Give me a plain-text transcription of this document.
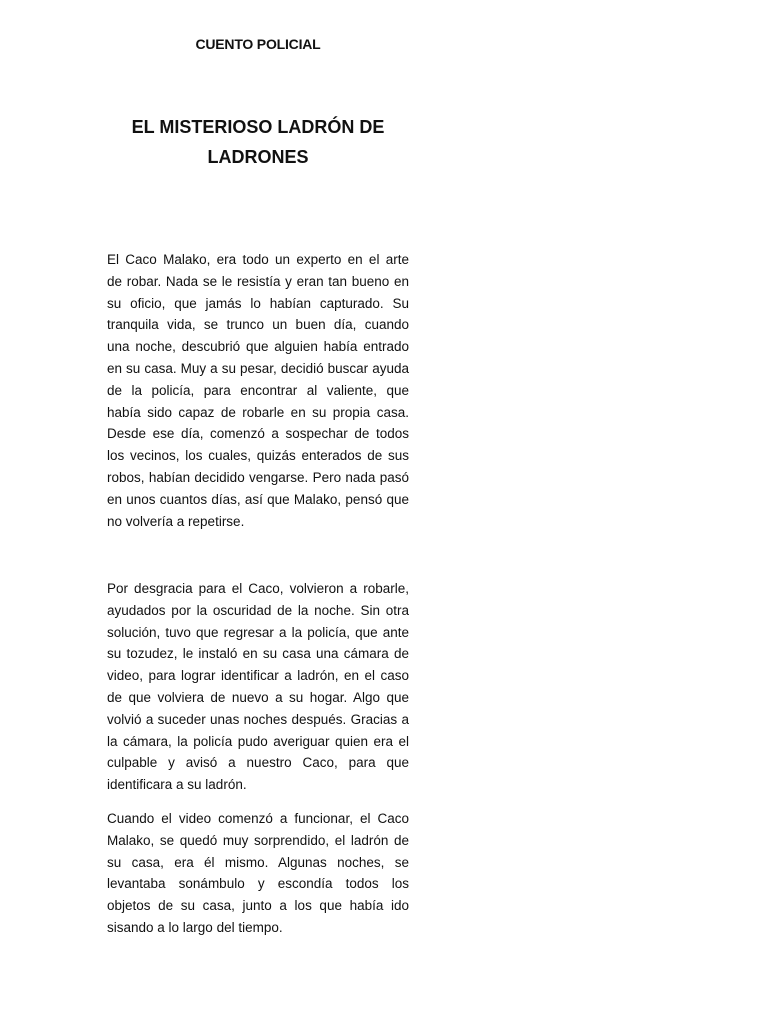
CUENTO POLICIAL
EL MISTERIOSO LADRÓN DE
LADRONES

El Caco Malako, era todo un experto en el arte
de robar. Nada se le resistía y eran tan bueno en
su oficio, que jamás lo habían capturado. Su
tranquila vida, se trunco un buen día, cuando
una noche, descubrió que alguien había entrado
en su casa. Muy a su pesar, decidió buscar ayuda
de la policía, para encontrar al valiente, que
había sido capaz de robarle en su propia casa.
Desde ese día, comenzó a sospechar de todos
los vecinos, los cuales, quizás enterados de sus
robos, habían decidido vengarse. Pero nada pasó
en unos cuantos días, así que Malako, pensó que
no volvería a repetirse.

Por desgracia para el Caco, volvieron a robarle,
ayudados por la oscuridad de la noche. Sin otra
solución, tuvo que regresar a la policía, que ante
su tozudez, le instaló en su casa una cámara de
video, para lograr identificar a ladrón, en el caso
de que volviera de nuevo a su hogar. Algo que
volvió a suceder unas noches después. Gracias a
la cámara, la policía pudo averiguar quien era el
culpable y avisó a nuestro Caco, para que
identificara a su ladrón.

Cuando el video comenzó a funcionar, el Caco
Malako, se quedó muy sorprendido, el ladrón de
su casa, era él mismo. Algunas noches, se
levantaba sonámbulo y escondía todos los
objetos de su casa, junto a los que había ido
sisando a lo largo del tiempo.
